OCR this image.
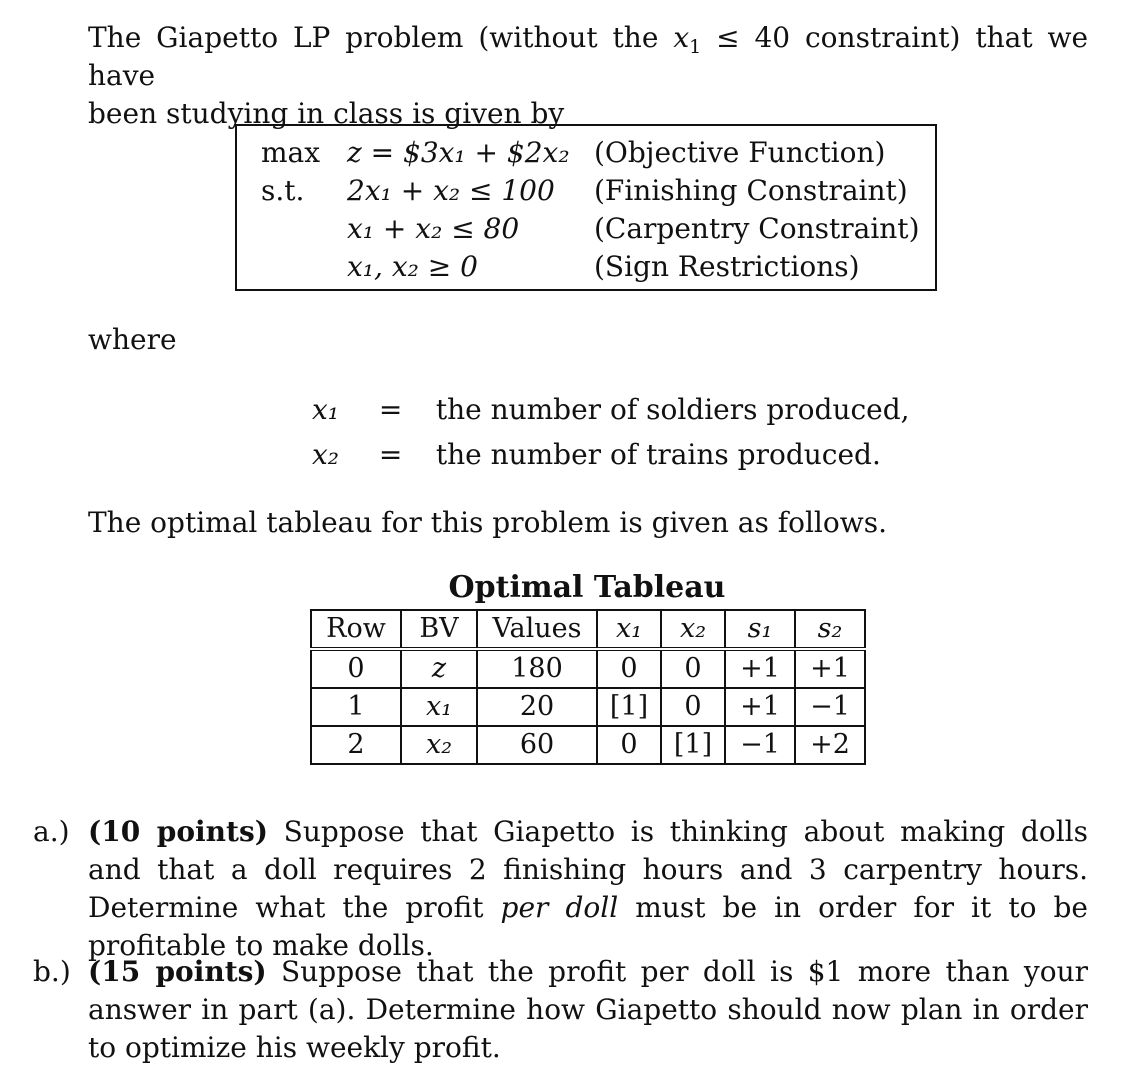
The Giapetto LP problem (without the $x_1 \le 40$ constraint) that we have
been studying in class is given by
max z = $3x₁ + $2x₂ (Objective Function)
s.t. 2x₁ + x₂ ≤ 100 (Finishing Constraint)
x₁ + x₂ ≤ 80	(Carpentry Constraint)
x₁, x₂ ≥ 0	(Sign Restrictions)
where
x₁ = the number of soldiers produced,
x₂ = the number of trains produced.
The optimal tableau for this problem is given as follows.
Optimal Tableau
Row	BV	Values	x₁	x₂	s₁	s₂
0	z	180	0	0	+1	+1
1	x₁	20	[1]	0	+1	−1
2	x₂	60	0	[1]	−1	+2
a.) (10 points) Suppose that Giapetto is thinking about making dolls and that a doll requires 2 finishing hours and 3 carpentry hours. Determine what the profit per doll must be in order for it to be profitable to make dolls.
b.) (15 points) Suppose that the profit per doll is $1 more than your answer in part (a). Determine how Giapetto should now plan in order to optimize his weekly profit.
